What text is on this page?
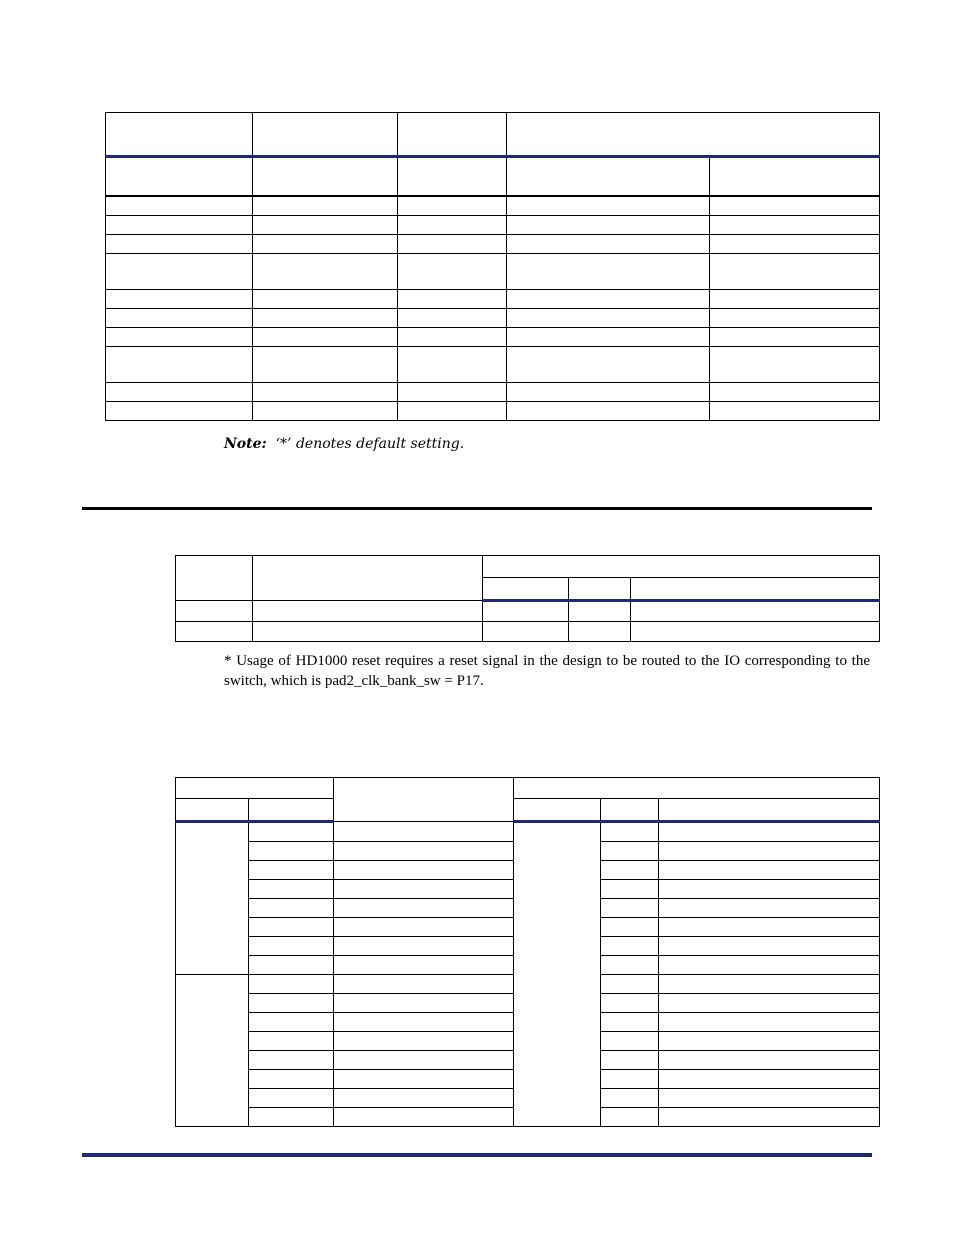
Note: ‘*’ denotes default setting.

* Usage of HD1000 reset requires a reset signal in the design to be routed to the IO corresponding to the switch, which is pad2_clk_bank_sw = P17.
